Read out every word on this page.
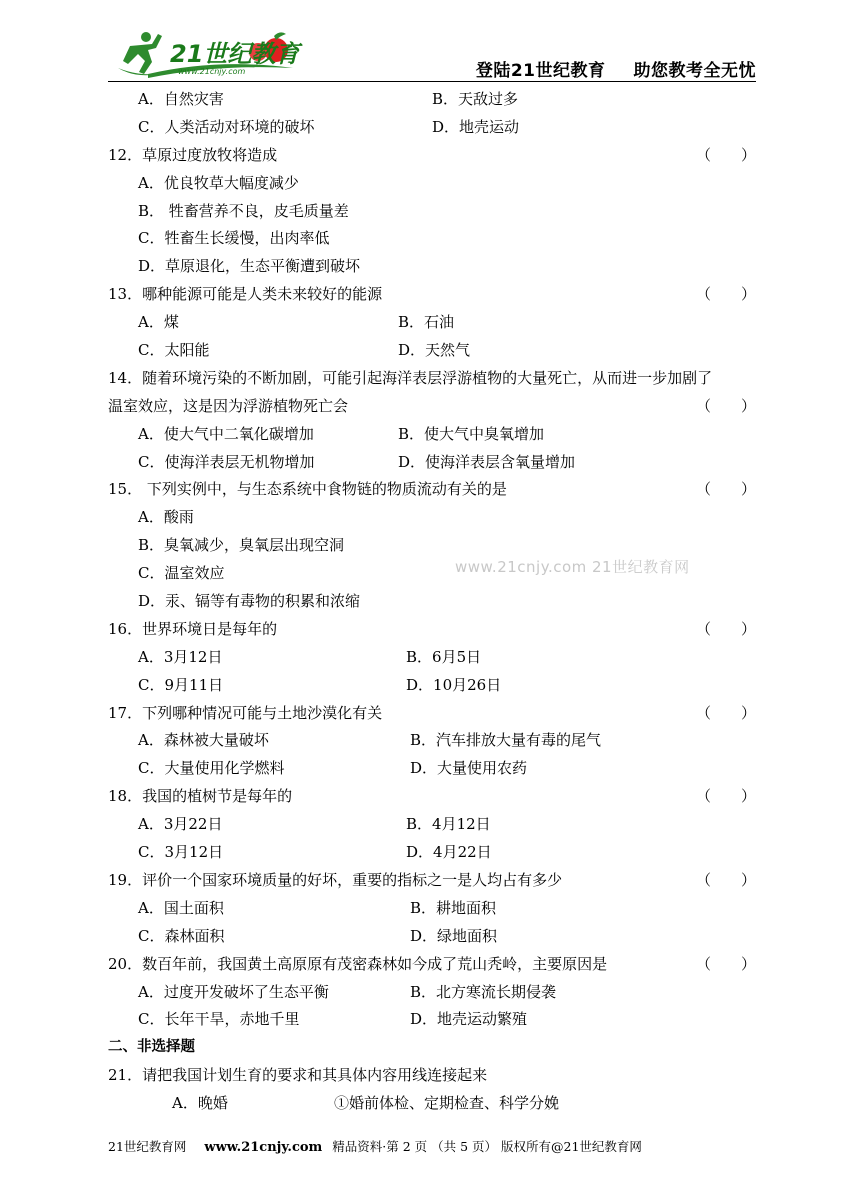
21世纪教育
www.21cnjy.com	登陆21世纪教育 助您教考全无忧
A．自然灾害	B．天敌过多
C．人类活动对环境的破坏	D．地壳运动
12．草原过度放牧将造成	（　　）
A．优良牧草大幅度减少
B． 牲畜营养不良，皮毛质量差
C．牲畜生长缓慢，出肉率低
D．草原退化，生态平衡遭到破坏
13．哪种能源可能是人类未来较好的能源	（　　）
A．煤	B．石油
C．太阳能	D．天然气
14．随着环境污染的不断加剧，可能引起海洋表层浮游植物的大量死亡，从而进一步加剧了
温室效应，这是因为浮游植物死亡会	（　　）
A．使大气中二氧化碳增加	B．使大气中臭氧增加
C．使海洋表层无机物增加	D．使海洋表层含氧量增加
15． 下列实例中，与生态系统中食物链的物质流动有关的是	（　　）
A．酸雨
B．臭氧减少，臭氧层出现空洞
C．温室效应
D．汞、镉等有毒物的积累和浓缩
16．世界环境日是每年的	（　　）
A．3月12日	B．6月5日
C．9月11日	D．10月26日
17．下列哪种情况可能与土地沙漠化有关	（　　）
A．森林被大量破坏	B．汽车排放大量有毒的尾气
C．大量使用化学燃料	D．大量使用农药
18．我国的植树节是每年的	（　　）
A．3月22日	B．4月12日
C．3月12日	D．4月22日
19．评价一个国家环境质量的好坏，重要的指标之一是人均占有多少	（　　）
A．国土面积	B．耕地面积
C．森林面积	D．绿地面积
20．数百年前，我国黄土高原原有茂密森林如今成了荒山秃岭，主要原因是	（　　）
A．过度开发破坏了生态平衡	B．北方寒流长期侵袭
C．长年干旱，赤地千里	D．地壳运动繁殖
二、非选择题
21．请把我国计划生育的要求和其具体内容用线连接起来
A．晚婚	①婚前体检、定期检查、科学分娩
www.21cnjy.com 21世纪教育网
21世纪教育网 www.21cnjy.com 精品资料·第 2 页 （共 5 页） 版权所有@21世纪教育网
